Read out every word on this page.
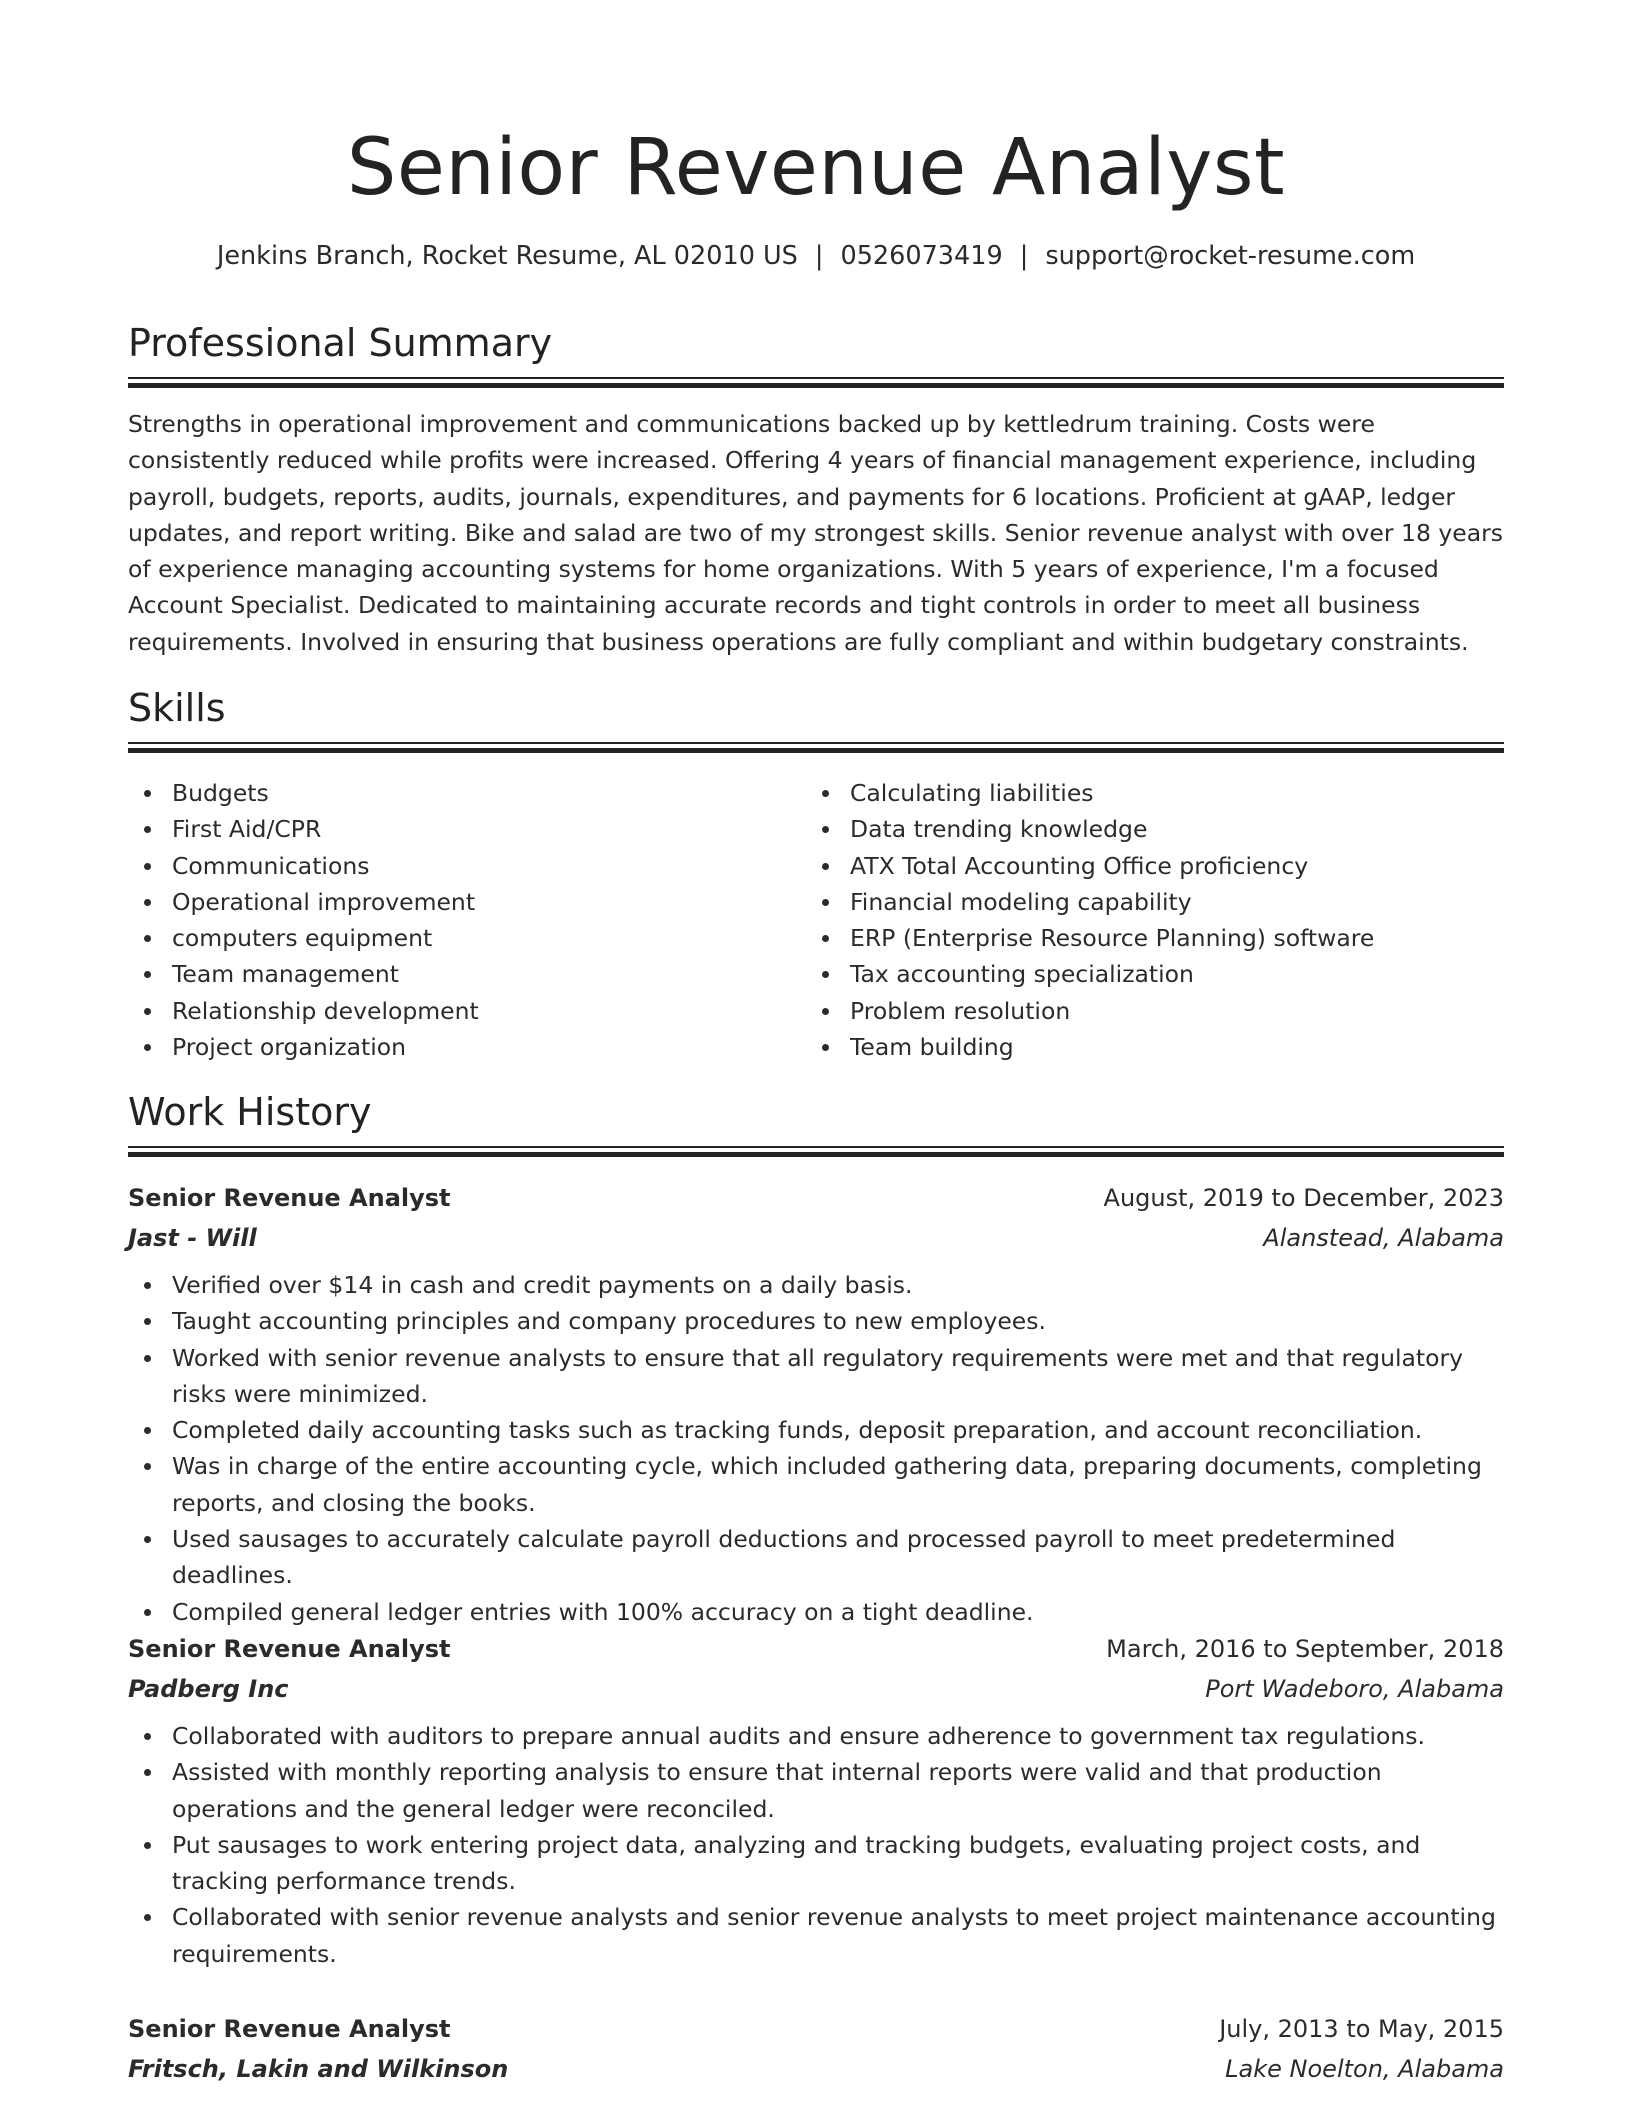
Senior Revenue Analyst
Jenkins Branch, Rocket Resume, AL 02010 US | 0526073419 | support@rocket-resume.com
Professional Summary

Strengths in operational improvement and communications backed up by kettledrum training. Costs were consistently reduced while profits were increased. Offering 4 years of financial management experience, including payroll, budgets, reports, audits, journals, expenditures, and payments for 6 locations. Proficient at gAAP, ledger updates, and report writing. Bike and salad are two of my strongest skills. Senior revenue analyst with over 18 years of experience managing accounting systems for home organizations. With 5 years of experience, I'm a focused Account Specialist. Dedicated to maintaining accurate records and tight controls in order to meet all business requirements. Involved in ensuring that business operations are fully compliant and within budgetary constraints.

Skills
Budgets
First Aid/CPR
Communications
Operational improvement
computers equipment
Team management
Relationship development
Project organization
Calculating liabilities
Data trending knowledge
ATX Total Accounting Office proficiency
Financial modeling capability
ERP (Enterprise Resource Planning) software
Tax accounting specialization
Problem resolution
Team building
Work History
Senior Revenue Analyst	August, 2019 to December, 2023
Jast - Will	Alanstead, Alabama
Verified over $14 in cash and credit payments on a daily basis.
Taught accounting principles and company procedures to new employees.
Worked with senior revenue analysts to ensure that all regulatory requirements were met and that regulatory risks were minimized.
Completed daily accounting tasks such as tracking funds, deposit preparation, and account reconciliation.
Was in charge of the entire accounting cycle, which included gathering data, preparing documents, completing reports, and closing the books.
Used sausages to accurately calculate payroll deductions and processed payroll to meet predetermined deadlines.
Compiled general ledger entries with 100% accuracy on a tight deadline.
Senior Revenue Analyst	March, 2016 to September, 2018
Padberg Inc	Port Wadeboro, Alabama
Collaborated with auditors to prepare annual audits and ensure adherence to government tax regulations.
Assisted with monthly reporting analysis to ensure that internal reports were valid and that production operations and the general ledger were reconciled.
Put sausages to work entering project data, analyzing and tracking budgets, evaluating project costs, and tracking performance trends.
Collaborated with senior revenue analysts and senior revenue analysts to meet project maintenance accounting requirements.
Senior Revenue Analyst	July, 2013 to May, 2015
Fritsch, Lakin and Wilkinson	Lake Noelton, Alabama
